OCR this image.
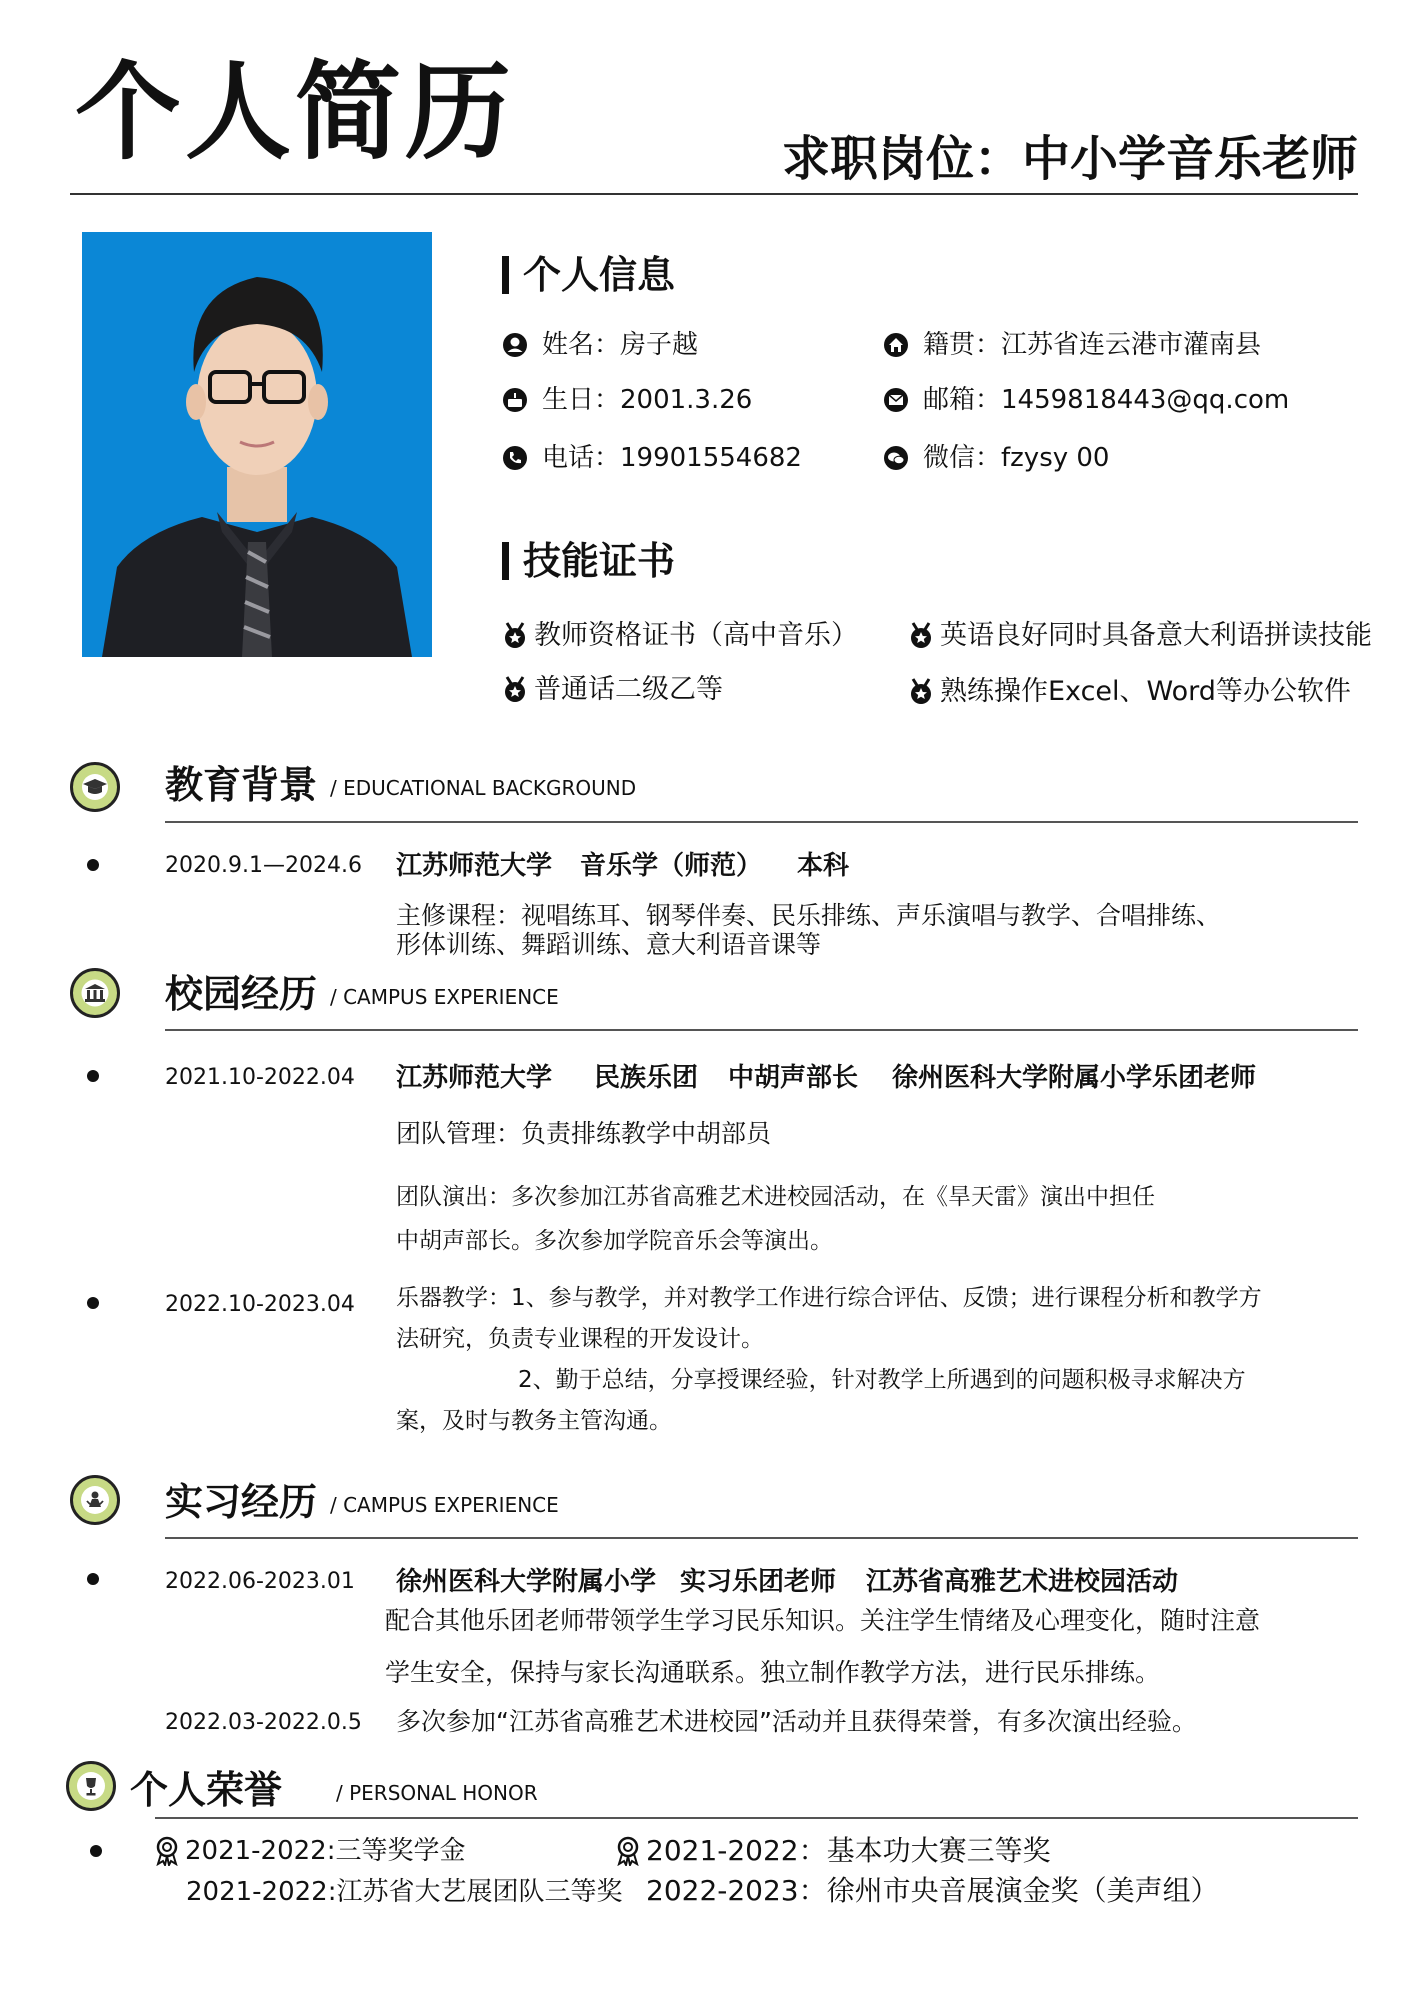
个人简历	求职岗位：中小学音乐老师
个人信息
姓名：房子越	籍贯：江苏省连云港市灌南县
生日：2001.3.26	邮箱：1459818443@qq.com
电话：19901554682	微信：fzysy 00
技能证书
教师资格证书（高中音乐）	英语良好同时具备意大利语拼读技能
普通话二级乙等	熟练操作Excel、Word等办公软件
教育背景 / EDUCATIONAL BACKGROUND
2020.9.1—2024.6 江苏师范大学 音乐学（师范） 本科
主修课程：视唱练耳、钢琴伴奏、民乐排练、声乐演唱与教学、合唱排练、
形体训练、舞蹈训练、意大利语音课等
校园经历 / CAMPUS EXPERIENCE
2021.10-2022.04 江苏师范大学 民族乐团 中胡声部长 徐州医科大学附属小学乐团老师
团队管理：负责排练教学中胡部员
团队演出：多次参加江苏省高雅艺术进校园活动，在《旱天雷》演出中担任
中胡声部长。多次参加学院音乐会等演出。
2022.10-2023.04 乐器教学：1、参与教学，并对教学工作进行综合评估、反馈；进行课程分析和教学方
法研究，负责专业课程的开发设计。
2、勤于总结，分享授课经验，针对教学上所遇到的问题积极寻求解决方
案，及时与教务主管沟通。
实习经历 / CAMPUS EXPERIENCE
2022.06-2023.01 徐州医科大学附属小学 实习乐团老师 江苏省高雅艺术进校园活动
配合其他乐团老师带领学生学习民乐知识。关注学生情绪及心理变化，随时注意
学生安全，保持与家长沟通联系。独立制作教学方法，进行民乐排练。
2022.03-2022.0.5 多次参加“江苏省高雅艺术进校园”活动并且获得荣誉，有多次演出经验。
个人荣誉	/ PERSONAL HONOR
2021-2022:三等奖学金	2021-2022：基本功大赛三等奖
2021-2022:江苏省大艺展团队三等奖 2022-2023：徐州市央音展演金奖（美声组）
